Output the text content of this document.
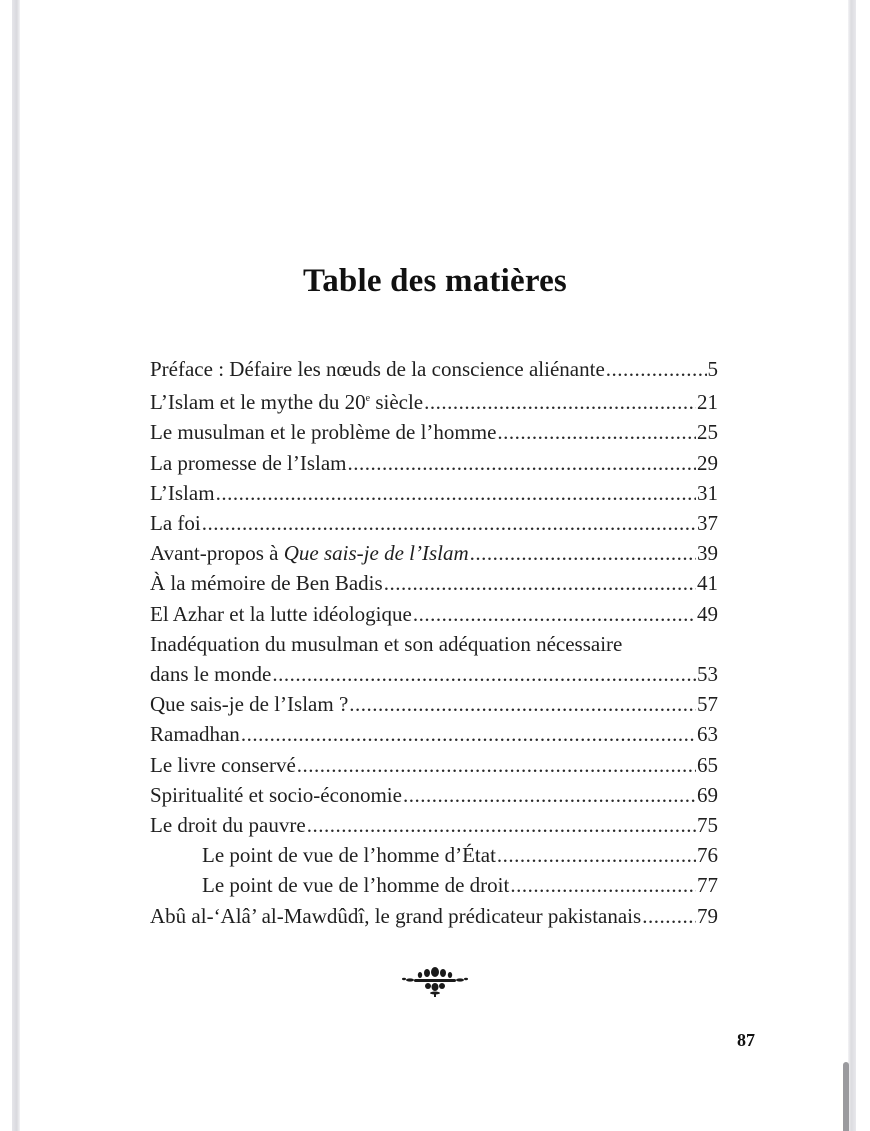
Table des matières
Préface : Défaire les nœuds de la conscience aliénante .....	5
L’Islam et le mythe du 20e siècle .....	21
Le musulman et le problème de l’homme .....	25
La promesse de l’Islam .....	29
L’Islam .....	31
La foi .....	37
Avant-propos à Que sais-je de l’Islam .....	39
À la mémoire de Ben Badis .....	41
El Azhar et la lutte idéologique .....	49
Inadéquation du musulman et son adéquation nécessaire
dans le monde .....	53
Que sais-je de l’Islam ? .....	57
Ramadhan .....	63
Le livre conservé .....	65
Spiritualité et socio-économie .....	69
Le droit du pauvre .....	75
Le point de vue de l’homme d’État .....	76
Le point de vue de l’homme de droit .....	77
Abû al-‘Alâ’ al-Mawdûdî, le grand prédicateur pakistanais .....	79
87
